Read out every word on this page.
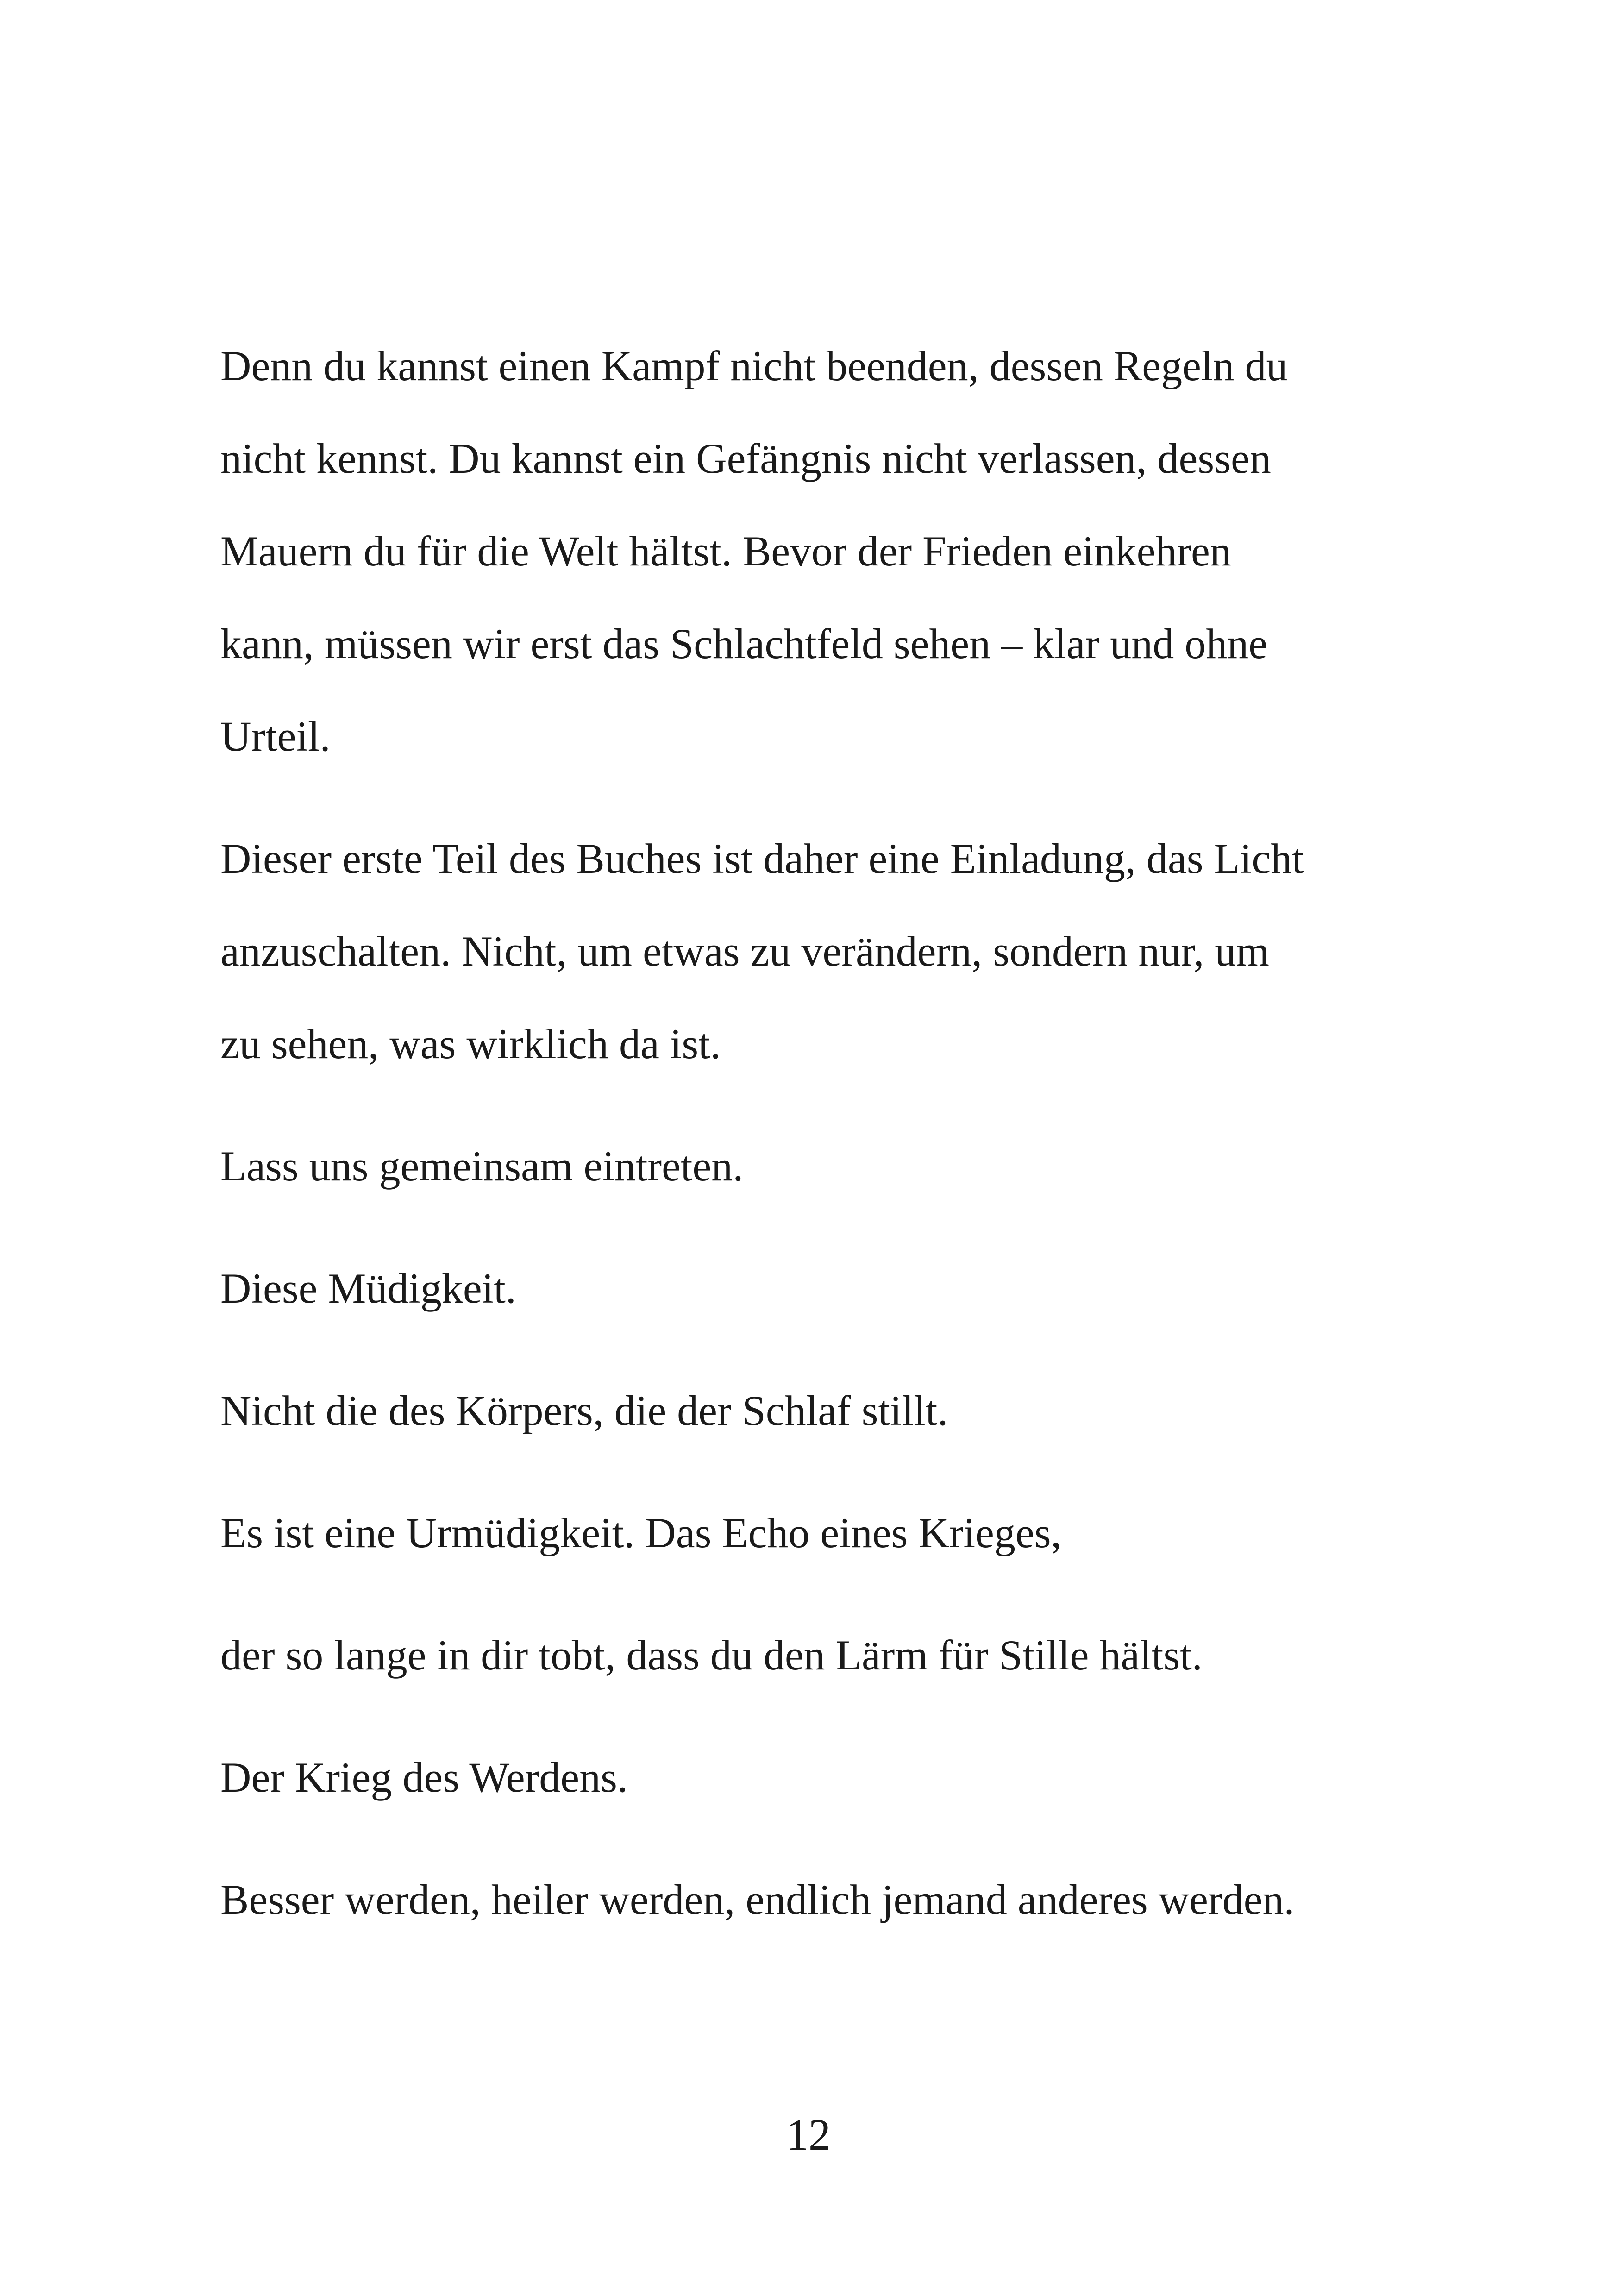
Denn du kannst einen Kampf nicht beenden, dessen Regeln du
nicht kennst. Du kannst ein Gefängnis nicht verlassen, dessen
Mauern du für die Welt hältst. Bevor der Frieden einkehren
kann, müssen wir erst das Schlachtfeld sehen – klar und ohne
Urteil.

Dieser erste Teil des Buches ist daher eine Einladung, das Licht
anzuschalten. Nicht, um etwas zu verändern, sondern nur, um
zu sehen, was wirklich da ist.

Lass uns gemeinsam eintreten.

Diese Müdigkeit.

Nicht die des Körpers, die der Schlaf stillt.

Es ist eine Urmüdigkeit. Das Echo eines Krieges,

der so lange in dir tobt, dass du den Lärm für Stille hältst.

Der Krieg des Werdens.

Besser werden, heiler werden, endlich jemand anderes werden.

12
